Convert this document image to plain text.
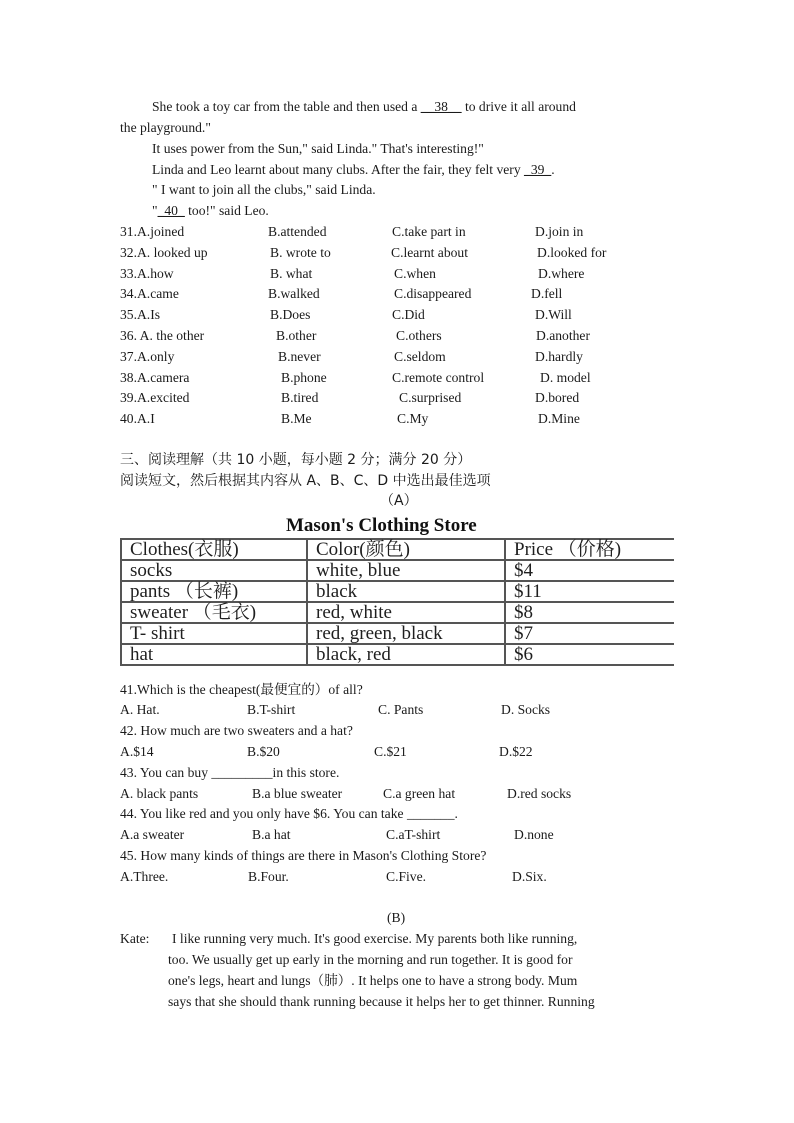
She took a toy car from the table and then used a __38__ to drive it all around
the playground."
It uses power from the Sun," said Linda." That's interesting!"
Linda and Leo learnt about many clubs. After the fair, they felt very _39_.
" I want to join all the clubs," said Linda.
"_40_ too!" said Leo.
31.A.joined	B.attended	C.take part in	D.join in
32.A. looked up	B. wrote to	C.learnt about	D.looked for
33.A.how	B. what	C.when	D.where
34.A.came	B.walked	C.disappeared	D.fell
35.A.Is	B.Does	C.Did	D.Will
36. A. the other	B.other	C.others	D.another
37.A.only	B.never	C.seldom	D.hardly
38.A.camera	B.phone	C.remote control	D. model
39.A.excited	B.tired	C.surprised	D.bored
40.A.I	B.Me	C.My	D.Mine
三、阅读理解（共 10 小题，每小题 2 分；满分 20 分）
阅读短文，然后根据其内容从 A、B、C、D 中选出最佳选项
（A）
Mason's Clothing Store
Clothes(衣服)	Color(颜色)	Price （价格)
socks	white, blue	$4
pants （长裤)	black	$11
sweater （毛衣)	red, white	$8
T- shirt	red, green, black	$7
hat	black, red	$6
41.Which is the cheapest(最便宜的）of all?
A. Hat.	B.T-shirt	C. Pants	D. Socks
42. How much are two sweaters and a hat?
A.$14	B.$20	C.$21	D.$22
43. You can buy _________in this store.
A. black pants	B.a blue sweater	C.a green hat	D.red socks
44. You like red and you only have $6. You can take _______.
A.a sweater	B.a hat	C.aT-shirt	D.none
45. How many kinds of things are there in Mason's Clothing Store?
A.Three.	B.Four.	C.Five.	D.Six.
(B)
Kate: I like running very much. It's good exercise. My parents both like running,
too. We usually get up early in the morning and run together. It is good for
one's legs, heart and lungs（肺）. It helps one to have a strong body. Mum
says that she should thank running because it helps her to get thinner. Running
